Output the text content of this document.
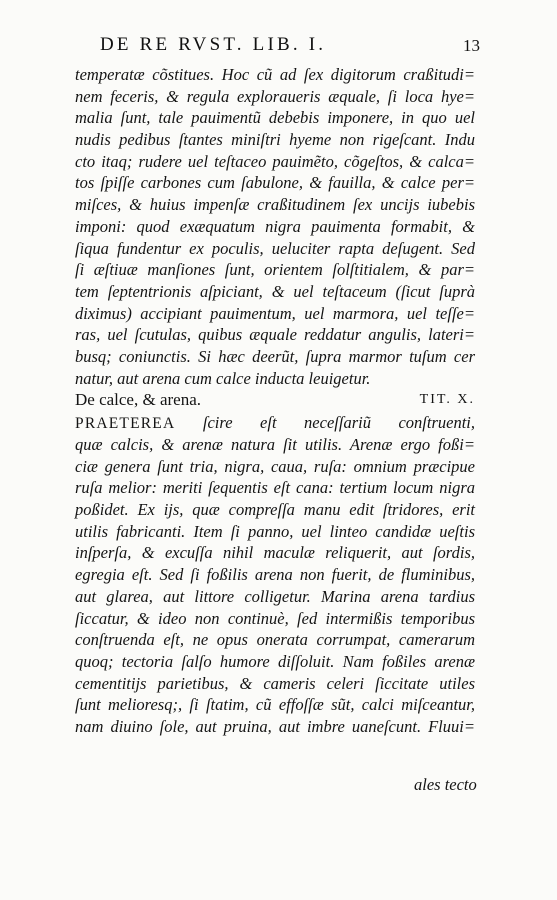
DE RE RVST. LIB. I.	13
temperatæ cõstitues. Hoc cũ ad ſex digitorum craßitudi=
nem feceris, & regula exploraueris æquale, ſi loca hye=
malia ſunt, tale pauimentũ debebis imponere, in quo uel
nudis pedibus ſtantes miniſtri hyeme non rigeſcant. Indu
cto itaq; rudere uel teſtaceo pauimẽto, cõgeſtos, & calca=
tos ſpiſſe carbones cum ſabulone, & fauilla, & calce per=
miſces, & huius impenſæ craßitudinem ſex uncijs iubebis
imponi: quod exæquatum nigra pauimenta formabit, &
ſiqua fundentur ex poculis, ueluciter rapta deſugent. Sed
ſi æſtiuæ manſiones ſunt, orientem ſolſtitialem, & par=
tem ſeptentrionis aſpiciant, & uel teſtaceum (ſicut ſuprà
diximus) accipiant pauimentum, uel marmora, uel teſſe=
ras, uel ſcutulas, quibus æquale reddatur angulis, lateri=
busq; coniunctis. Si hæc deerũt, ſupra marmor tuſum cer
natur, aut arena cum calce inducta leuigetur.
De calce, & arena.	TIT. X.
PRAETEREA ſcire eſt neceſſariũ conſtruenti,
quæ calcis, & arenæ natura ſit utilis. Arenæ ergo foßi=
ciæ genera ſunt tria, nigra, caua, ruſa: omnium præcipue
ruſa melior: meriti ſequentis eſt cana: tertium locum nigra
poßidet. Ex ijs, quæ compreſſa manu edit ſtridores, erit
utilis fabricanti. Item ſi panno, uel linteo candidæ ueſtis
inſperſa, & excuſſa nihil maculæ reliquerit, aut ſordis,
egregia eſt. Sed ſi foßilis arena non fuerit, de fluminibus,
aut glarea, aut littore colligetur. Marina arena tardius
ſiccatur, & ideo non continuè, ſed intermißis temporibus
conſtruenda eſt, ne opus onerata corrumpat, camerarum
quoq; tectoria ſalſo humore diſſoluit. Nam foßiles arenæ
cementitijs parietibus, & cameris celeri ſiccitate utiles
ſunt melioresq;, ſi ſtatim, cũ effoſſæ sũt, calci miſceantur,
nam diuino ſole, aut pruina, aut imbre uaneſcunt. Fluui=
ales tecto
